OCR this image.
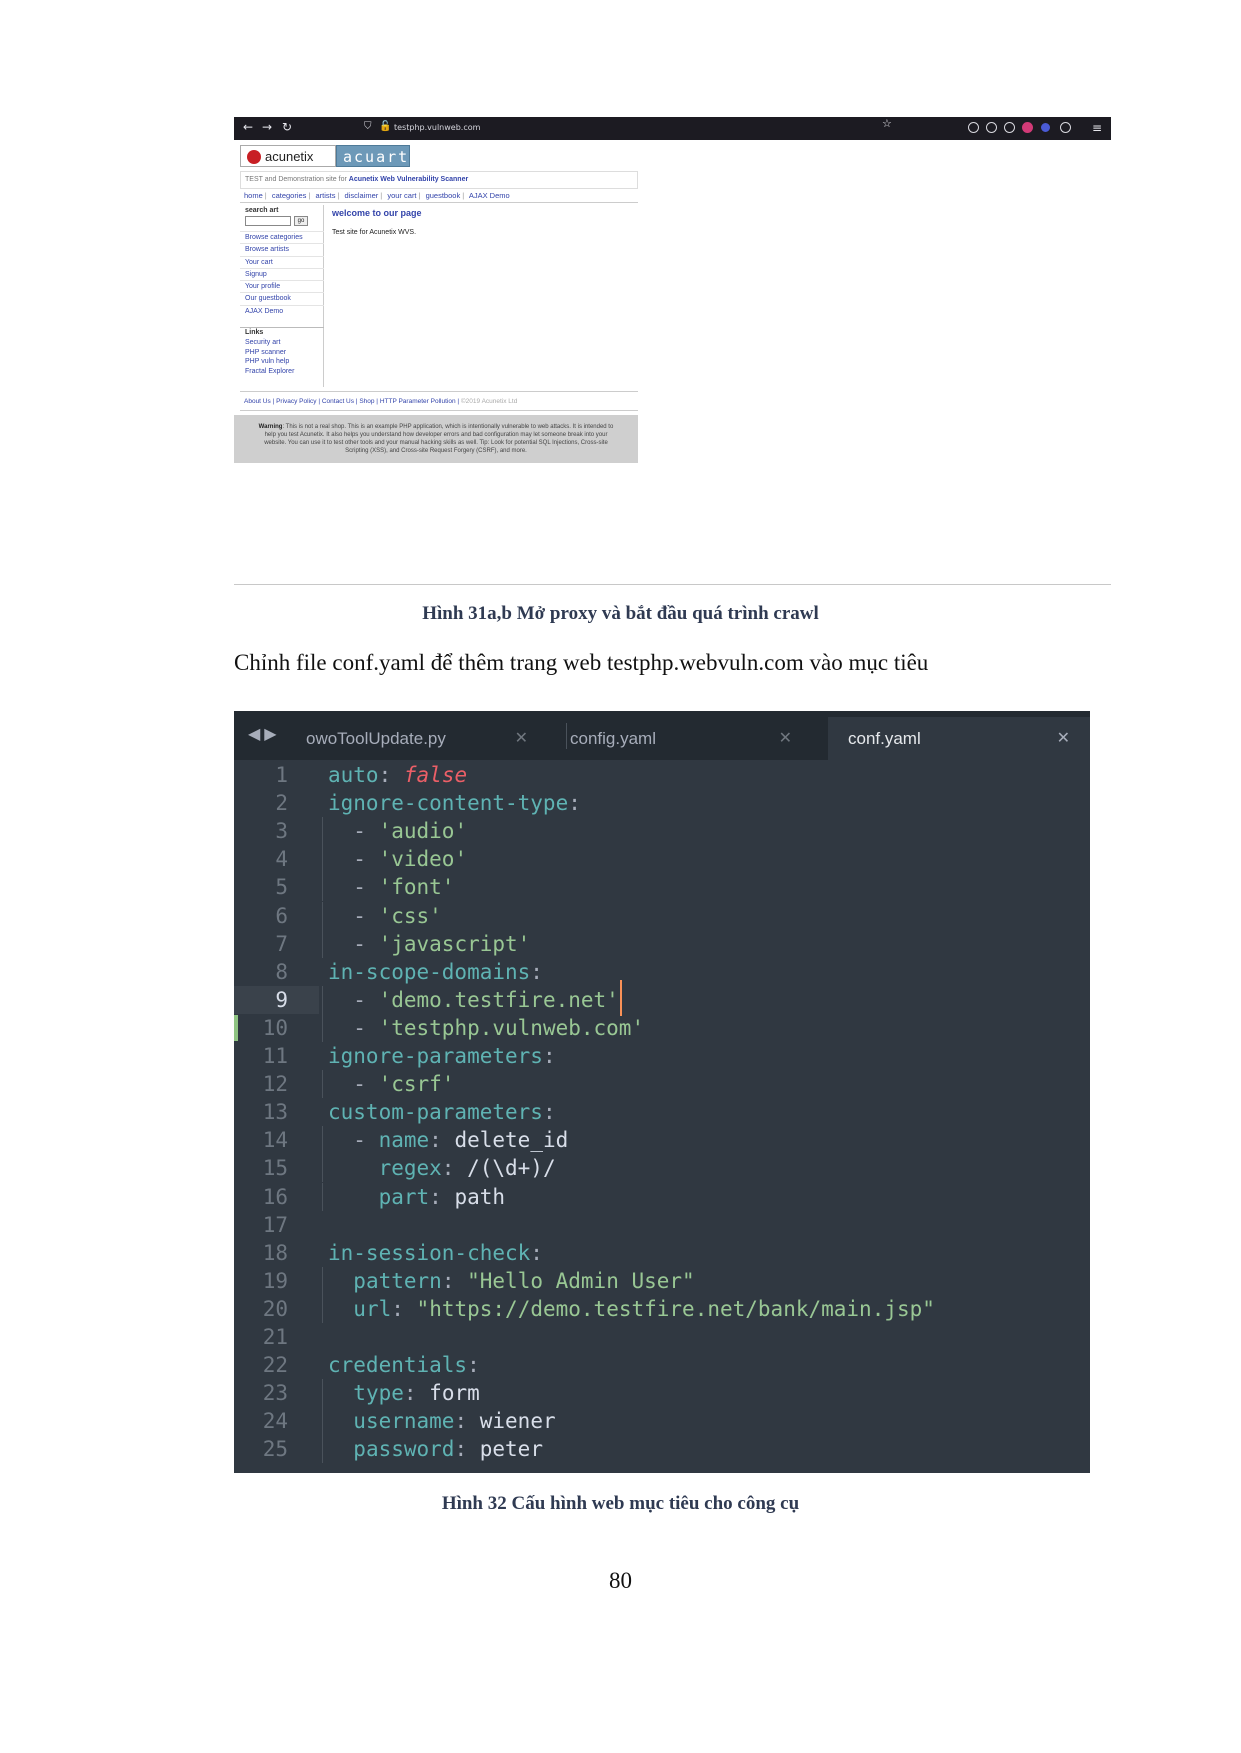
← → ↻	⛉ 🔓 testphp.vulnweb.com	☆	≡
acunetix acuart
TEST and Demonstration site for Acunetix Web Vulnerability Scanner
home | categories | artists | disclaimer | your cart | guestbook | AJAX Demo
search art
go
Browse categories
Browse artists
Your cart
Signup
Your profile
Our guestbook
AJAX Demo
Links
Security art
PHP scanner
PHP vuln help
Fractal Explorer
welcome to our page
Test site for Acunetix WVS.
About Us | Privacy Policy | Contact Us | Shop | HTTP Parameter Pollution | ©2019 Acunetix Ltd
Warning: This is not a real shop. This is an example PHP application, which is intentionally vulnerable to web attacks. It is intended to help you test Acunetix. It also helps you understand how developer errors and bad configuration may let someone break into your website. You can use it to test other tools and your manual hacking skills as well. Tip: Look for potential SQL Injections, Cross-site Scripting (XSS), and Cross-site Request Forgery (CSRF), and more.
Hình 31a,b Mở proxy và bắt đầu quá trình crawl
Chỉnh file conf.yaml để thêm trang web testphp.webvuln.com vào mục tiêu
◀▶ owoToolUpdate.py	✕ config.yaml	✕	conf.yaml	✕
1 auto: false
2 ignore-content-type:
3	- 'audio'
4	- 'video'
5	- 'font'
6	- 'css'
7	- 'javascript'
8 in-scope-domains:
9	- 'demo.testfire.net'
10	- 'testphp.vulnweb.com'
11 ignore-parameters:
12	- 'csrf'
13 custom-parameters:
14	- name: delete_id
15	regex: /(\d+)/
16	part: path
17
18 in-session-check:
19	pattern: "Hello Admin User"
20	url: "https://demo.testfire.net/bank/main.jsp"
21
22 credentials:
23	type: form
24	username: wiener
25	password: peter
Hình 32 Cấu hình web mục tiêu cho công cụ
80
